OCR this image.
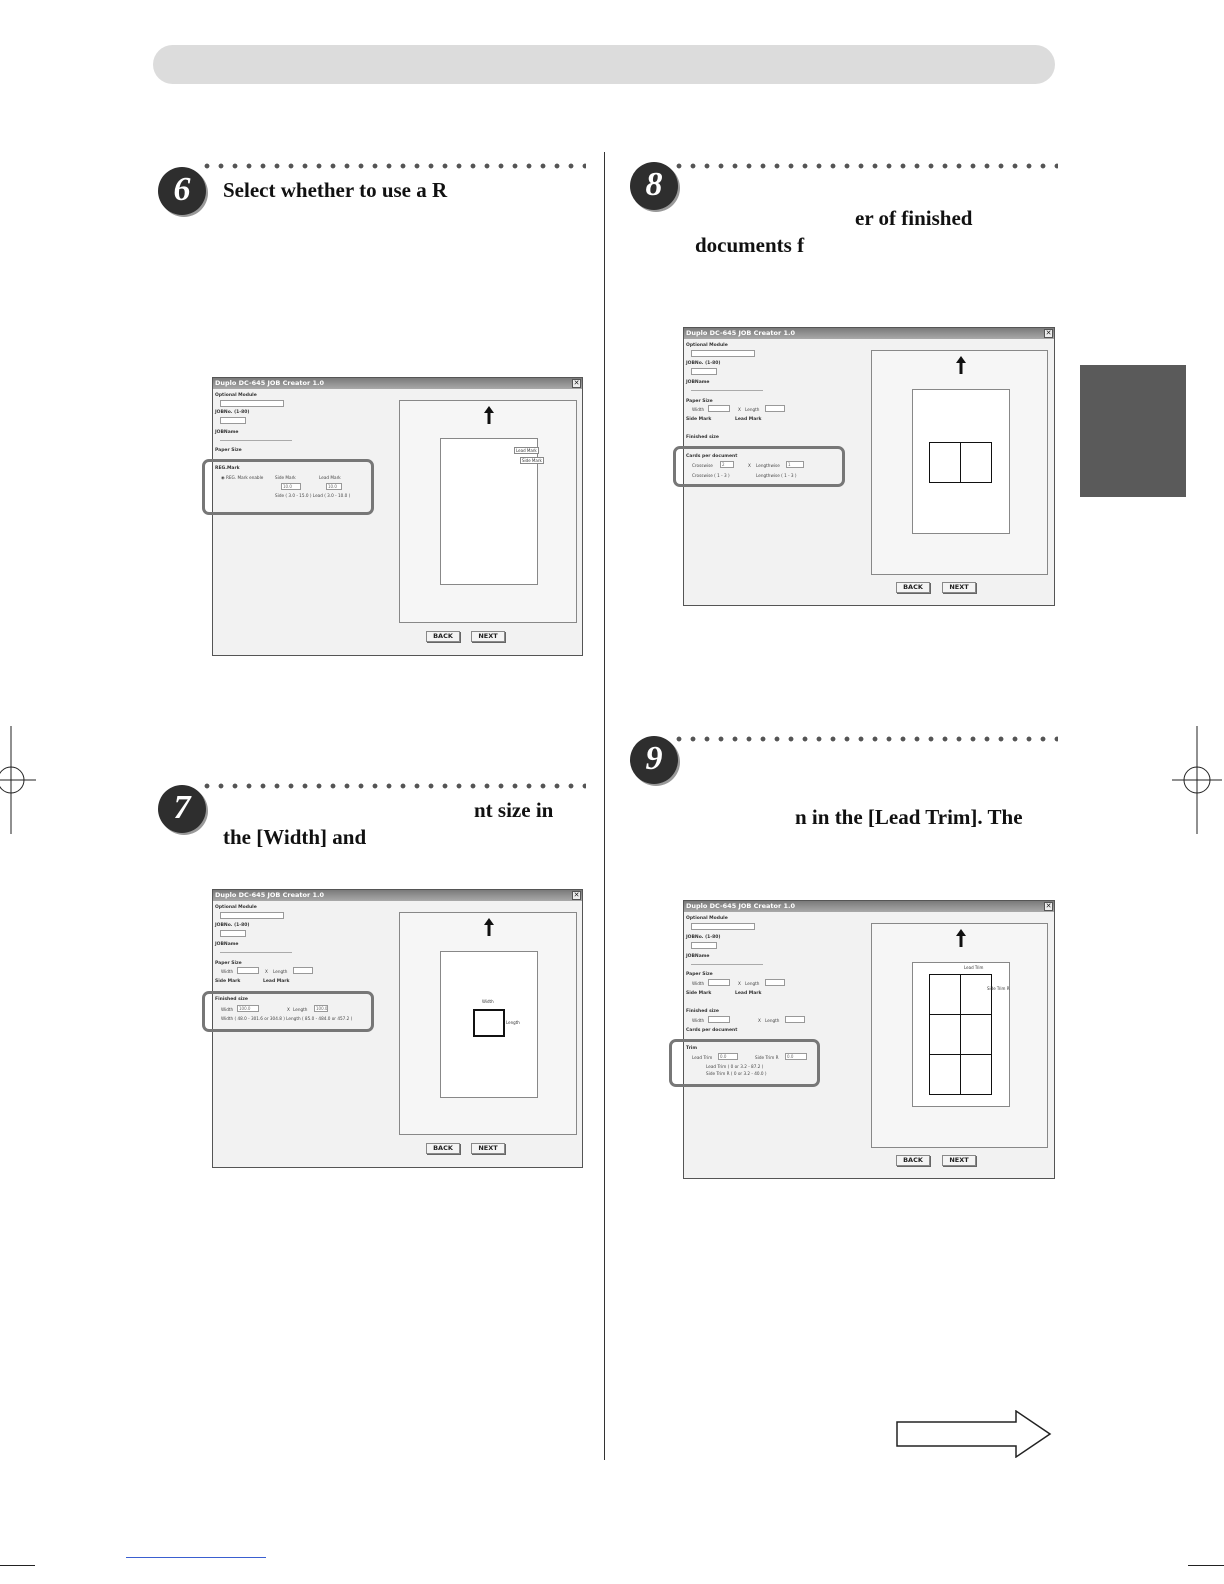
6	Select whether to use a R
Duplo DC-645 JOB Creator 1.0	✕
Optional Module
JOBNo. (1-80)
JOBName
Paper Size
REG.Mark
◉ REG. Mark enable	Side Mark	Lead Mark
10.0	10.0
Side ( 3.0 - 15.0 ) Lead ( 3.0 - 10.0 )
Lead Mark
Side Mark
BACK	NEXT
7	nt size in
the [Width] and
Duplo DC-645 JOB Creator 1.0	✕
Optional Module
JOBNo. (1-80)
JOBName
Paper Size
Width	X Length
Side Mark	Lead Mark
Finished size
Width	100.0	X Length	100.0
Width ( 48.0 - 301.6 or 304.8 ) Length ( 85.0 - 484.0 or 457.2 )
Width
Length
BACK	NEXT
8
er of finished
documents f
Duplo DC-645 JOB Creator 1.0	✕
Optional Module
JOBNo. (1-80)
JOBName
Paper Size
Width	X Length
Side Mark	Lead Mark
Finished size
Cards per document
Crosswise	2	X Lengthwise	1
Crosswise ( 1 - 3 )	Lengthwise ( 1 - 3 )
BACK	NEXT
9
n in the [Lead Trim]. The
Duplo DC-645 JOB Creator 1.0	✕
Optional Module
JOBNo. (1-80)
JOBName
Paper Size
Width	X Length
Side Mark	Lead Mark
Finished size
Width	X Length
Cards per document
Trim
Lead Trim	0.0	Side Trim R	0.0
Lead Trim ( 0 or 3.2 - 87.2 )
Side Trim R ( 0 or 3.2 - 40.0 )
Lead Trim
Side Trim R
BACK	NEXT
